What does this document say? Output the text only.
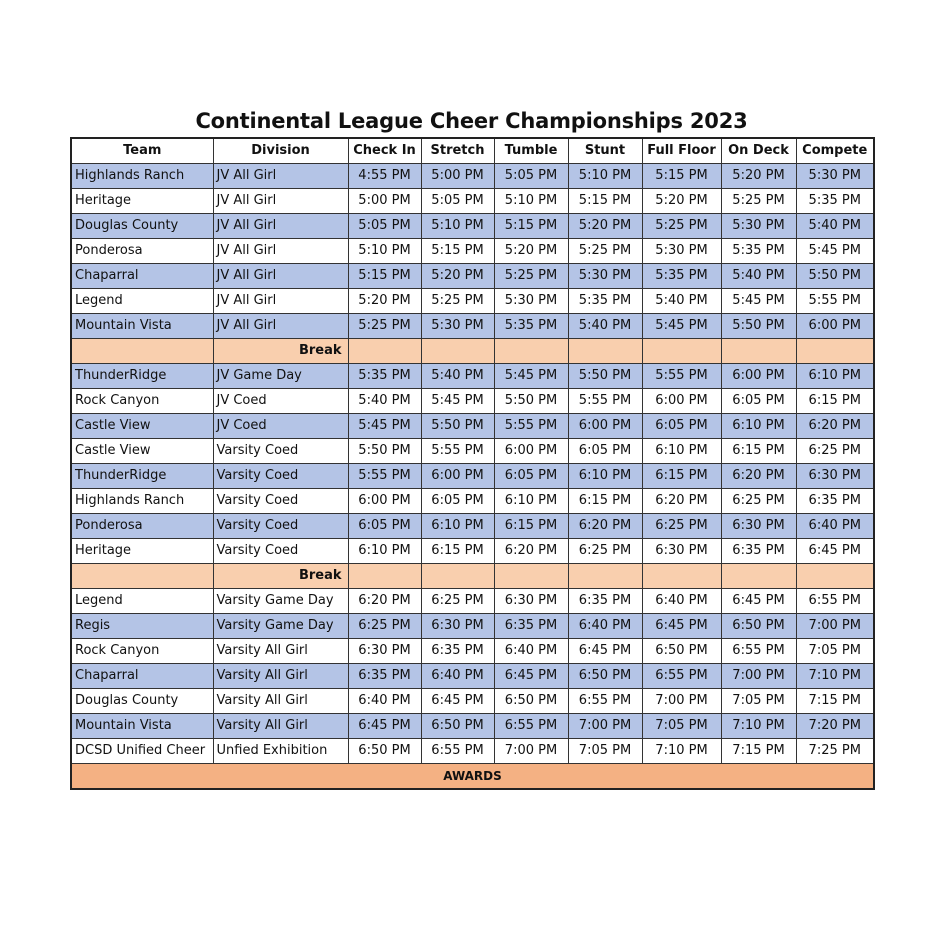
Continental League Cheer Championships 2023
Team	Division	Check In	Stretch	Tumble	Stunt	Full Floor	On Deck	Compete
Highlands Ranch	JV All Girl	4:55 PM	5:00 PM	5:05 PM	5:10 PM	5:15 PM	5:20 PM	5:30 PM
Heritage	JV All Girl	5:00 PM	5:05 PM	5:10 PM	5:15 PM	5:20 PM	5:25 PM	5:35 PM
Douglas County	JV All Girl	5:05 PM	5:10 PM	5:15 PM	5:20 PM	5:25 PM	5:30 PM	5:40 PM
Ponderosa	JV All Girl	5:10 PM	5:15 PM	5:20 PM	5:25 PM	5:30 PM	5:35 PM	5:45 PM
Chaparral	JV All Girl	5:15 PM	5:20 PM	5:25 PM	5:30 PM	5:35 PM	5:40 PM	5:50 PM
Legend	JV All Girl	5:20 PM	5:25 PM	5:30 PM	5:35 PM	5:40 PM	5:45 PM	5:55 PM
Mountain Vista	JV All Girl	5:25 PM	5:30 PM	5:35 PM	5:40 PM	5:45 PM	5:50 PM	6:00 PM
	Break							
ThunderRidge	JV Game Day	5:35 PM	5:40 PM	5:45 PM	5:50 PM	5:55 PM	6:00 PM	6:10 PM
Rock Canyon	JV Coed	5:40 PM	5:45 PM	5:50 PM	5:55 PM	6:00 PM	6:05 PM	6:15 PM
Castle View	JV Coed	5:45 PM	5:50 PM	5:55 PM	6:00 PM	6:05 PM	6:10 PM	6:20 PM
Castle View	Varsity Coed	5:50 PM	5:55 PM	6:00 PM	6:05 PM	6:10 PM	6:15 PM	6:25 PM
ThunderRidge	Varsity Coed	5:55 PM	6:00 PM	6:05 PM	6:10 PM	6:15 PM	6:20 PM	6:30 PM
Highlands Ranch	Varsity Coed	6:00 PM	6:05 PM	6:10 PM	6:15 PM	6:20 PM	6:25 PM	6:35 PM
Ponderosa	Varsity Coed	6:05 PM	6:10 PM	6:15 PM	6:20 PM	6:25 PM	6:30 PM	6:40 PM
Heritage	Varsity Coed	6:10 PM	6:15 PM	6:20 PM	6:25 PM	6:30 PM	6:35 PM	6:45 PM
	Break							
Legend	Varsity Game Day	6:20 PM	6:25 PM	6:30 PM	6:35 PM	6:40 PM	6:45 PM	6:55 PM
Regis	Varsity Game Day	6:25 PM	6:30 PM	6:35 PM	6:40 PM	6:45 PM	6:50 PM	7:00 PM
Rock Canyon	Varsity All Girl	6:30 PM	6:35 PM	6:40 PM	6:45 PM	6:50 PM	6:55 PM	7:05 PM
Chaparral	Varsity All Girl	6:35 PM	6:40 PM	6:45 PM	6:50 PM	6:55 PM	7:00 PM	7:10 PM
Douglas County	Varsity All Girl	6:40 PM	6:45 PM	6:50 PM	6:55 PM	7:00 PM	7:05 PM	7:15 PM
Mountain Vista	Varsity All Girl	6:45 PM	6:50 PM	6:55 PM	7:00 PM	7:05 PM	7:10 PM	7:20 PM
DCSD Unified Cheer	Unfied Exhibition	6:50 PM	6:55 PM	7:00 PM	7:05 PM	7:10 PM	7:15 PM	7:25 PM
AWARDS								
